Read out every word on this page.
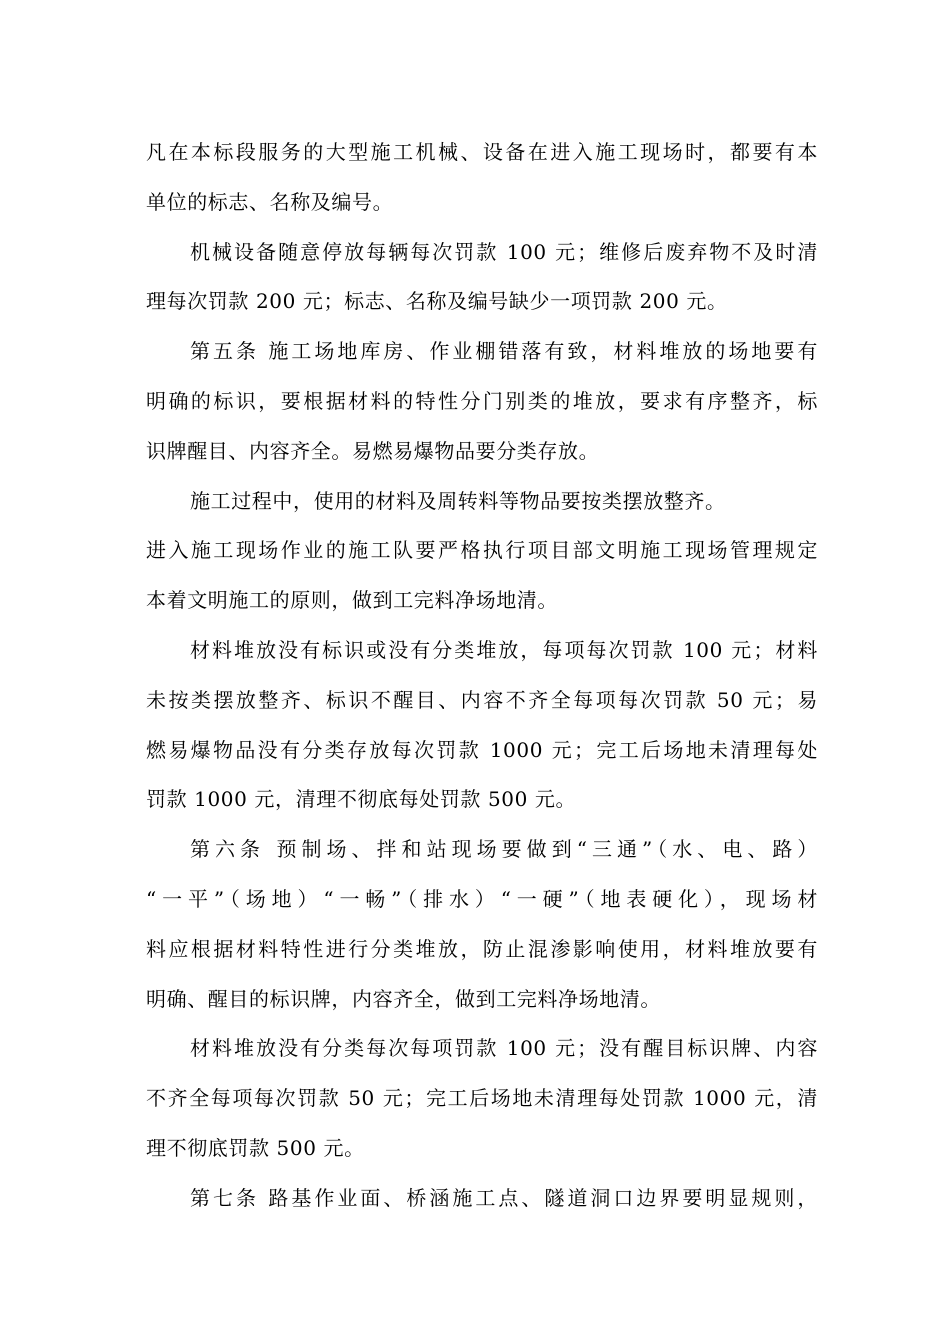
凡在本标段服务的大型施工机械、设备在进入施工现场时，都要有本
单位的标志、名称及编号。
机械设备随意停放每辆每次罚款 100 元；维修后废弃物不及时清
理每次罚款 200 元；标志、名称及编号缺少一项罚款 200 元。
第五条 施工场地库房、作业棚错落有致，材料堆放的场地要有
明确的标识，要根据材料的特性分门别类的堆放，要求有序整齐，标
识牌醒目、内容齐全。易燃易爆物品要分类存放。
施工过程中，使用的材料及周转料等物品要按类摆放整齐。
进入施工现场作业的施工队要严格执行项目部文明施工现场管理规定
本着文明施工的原则，做到工完料净场地清。
材料堆放没有标识或没有分类堆放，每项每次罚款 100 元；材料
未按类摆放整齐、标识不醒目、内容不齐全每项每次罚款 50 元；易
燃易爆物品没有分类存放每次罚款 1000 元；完工后场地未清理每处
罚款 1000 元，清理不彻底每处罚款 500 元。
第六条 预制场、拌和站现场要做到“三通”（水、电、路）
“一平”（场地）“一畅”（排水）“一硬”（地表硬化），现场材
料应根据材料特性进行分类堆放，防止混渗影响使用，材料堆放要有
明确、醒目的标识牌，内容齐全，做到工完料净场地清。
材料堆放没有分类每次每项罚款 100 元；没有醒目标识牌、内容
不齐全每项每次罚款 50 元；完工后场地未清理每处罚款 1000 元，清
理不彻底罚款 500 元。
第七条 路基作业面、桥涵施工点、隧道洞口边界要明显规则，
